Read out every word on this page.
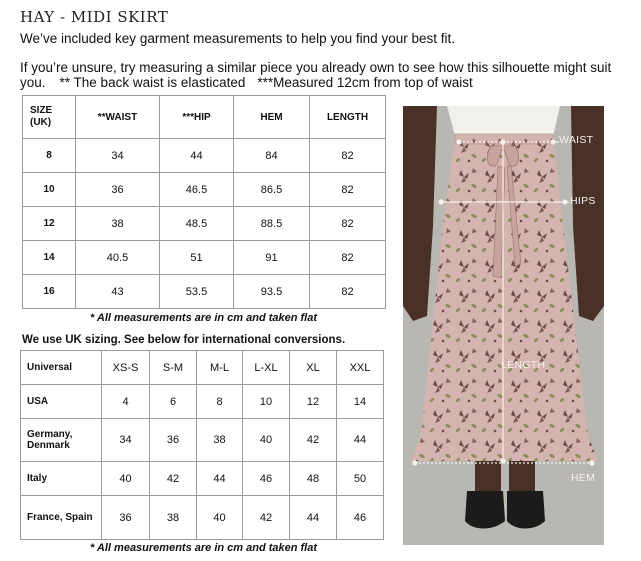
HAY - MIDI SKIRT
We’ve included key garment measurements to help you find your best fit.
If you’re unsure, try measuring a similar piece you already own to see how this silhouette might suit you. ** The back waist is elasticated ***Measured 12cm from top of waist
SIZE (UK)	**WAIST	***HIP	HEM	LENGTH
8	34	44	84	82
10	36	46.5	86.5	82
12	38	48.5	88.5	82
14	40.5	51	91	82
16	43	53.5	93.5	82
* All measurements are in cm and taken flat
We use UK sizing. See below for international conversions.
Universal	XS-S	S-M	M-L	L-XL	XL	XXL
USA	4	6	8	10	12	14
Germany, Denmark	34	36	38	40	42	44
Italy	40	42	44	46	48	50
France, Spain	36	38	40	42	44	46
* All measurements are in cm and taken flat
WAIST
HIPS
LENGTH
HEM
